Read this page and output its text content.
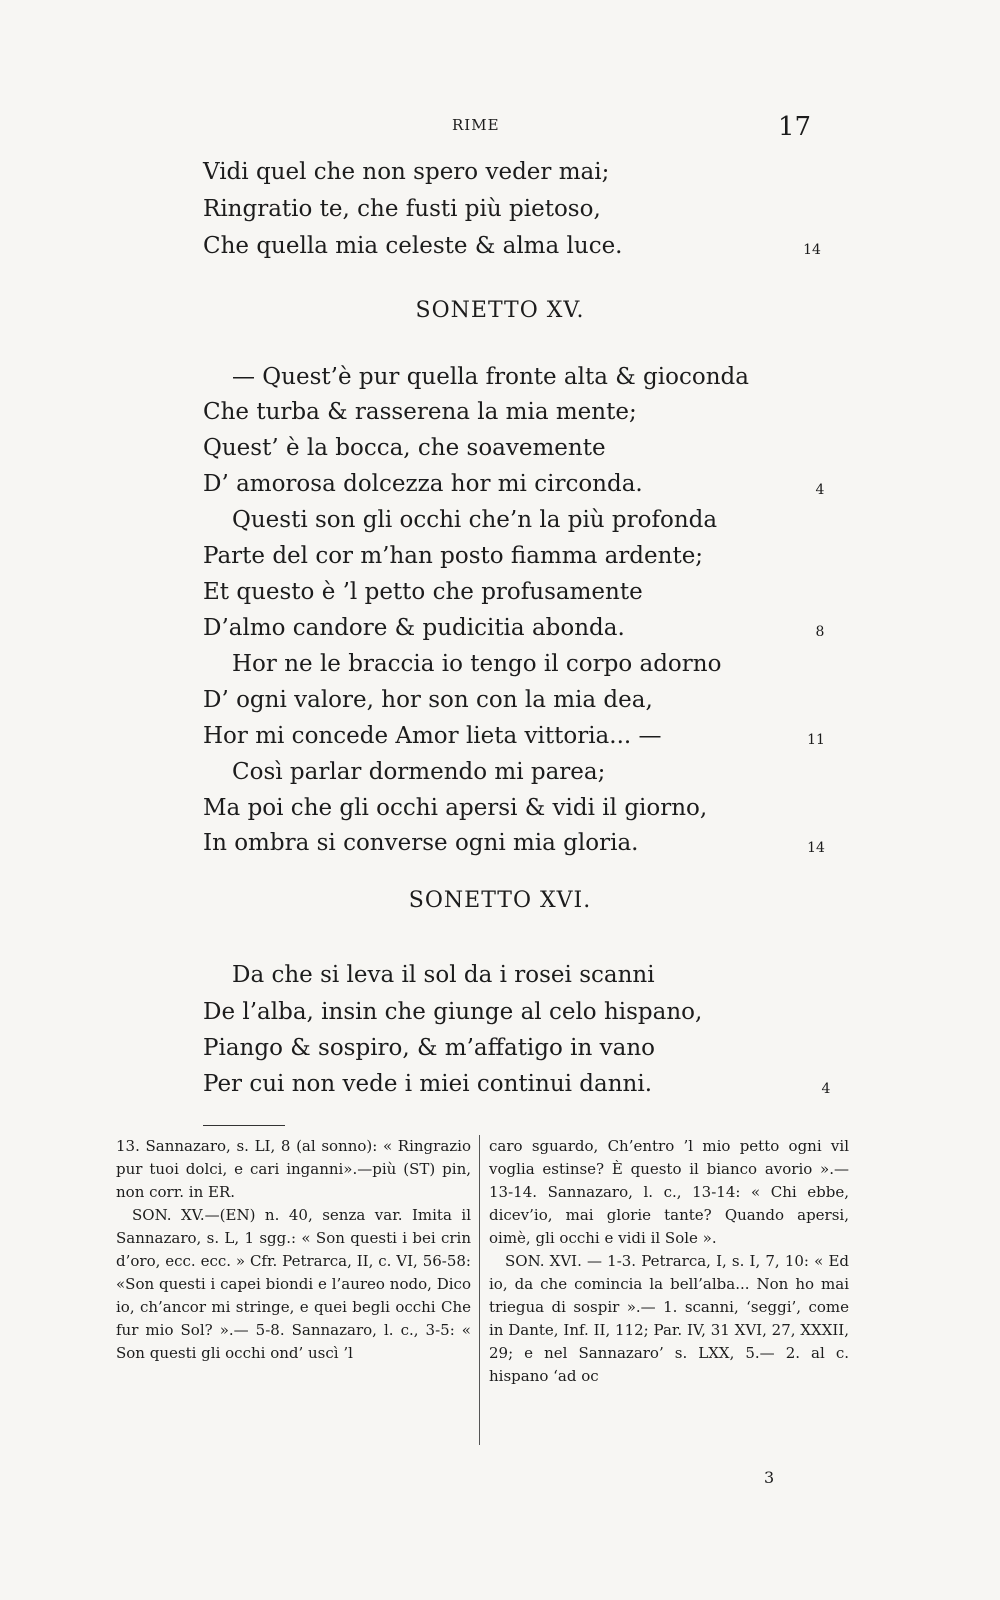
RIME	17
Vidi quel che non spero veder mai;
Ringratio te, che fusti più pietoso,
Che quella mia celeste & alma luce.	14
SONETTO XV.
— Quest’è pur quella fronte alta & gioconda
Che turba & rasserena la mia mente;
Quest’ è la bocca, che soavemente
D’ amorosa dolcezza hor mi circonda.	4
Questi son gli occhi che’n la più profonda
Parte del cor m’han posto fiamma ardente;
Et questo è ’l petto che profusamente
D’almo candore & pudicitia abonda.	8
Hor ne le braccia io tengo il corpo adorno
D’ ogni valore, hor son con la mia dea,
Hor mi concede Amor lieta vittoria... —	11
Così parlar dormendo mi parea;
Ma poi che gli occhi apersi & vidi il giorno,
In ombra si converse ogni mia gloria.	14
SONETTO XVI.
Da che si leva il sol da i rosei scanni
De l’alba, insin che giunge al celo hispano,
Piango & sospiro, & m’affatigo in vano
Per cui non vede i miei continui danni.	4

13. Sannazaro, s. LI, 8 (al sonno): « Ringrazio pur tuoi dolci, e cari inganni».—più (ST) pin, non corr. in ER.

SON. XV.—(EN) n. 40, senza var. Imita il Sannazaro, s. L, 1 sgg.: « Son questi i bei crin d’oro, ecc. ecc. » Cfr. Petrarca, II, c. VI, 56-58: «Son questi i capei biondi e l’aureo nodo, Dico io, ch’ancor mi stringe, e quei begli occhi Che fur mio Sol? ».— 5-8. Sannazaro, l. c., 3-5: « Son questi gli occhi ond’ uscì ’l

caro sguardo, Ch’entro ’l mio petto ogni vil voglia estinse? È questo il bianco avorio ».— 13-14. Sannazaro, l. c., 13-14: « Chi ebbe, dicev’io, mai glorie tante? Quando apersi, oimè, gli occhi e vidi il Sole ».

SON. XVI. — 1-3. Petrarca, I, s. I, 7, 10: « Ed io, da che comincia la bell’alba... Non ho mai triegua di sospir ».— 1. scanni, ‘seggi’, come in Dante, Inf. II, 112; Par. IV, 31 XVI, 27, XXXII, 29; e nel Sannazaro’ s. LXX, 5.— 2. al c. hispano ‘ad oc

3
